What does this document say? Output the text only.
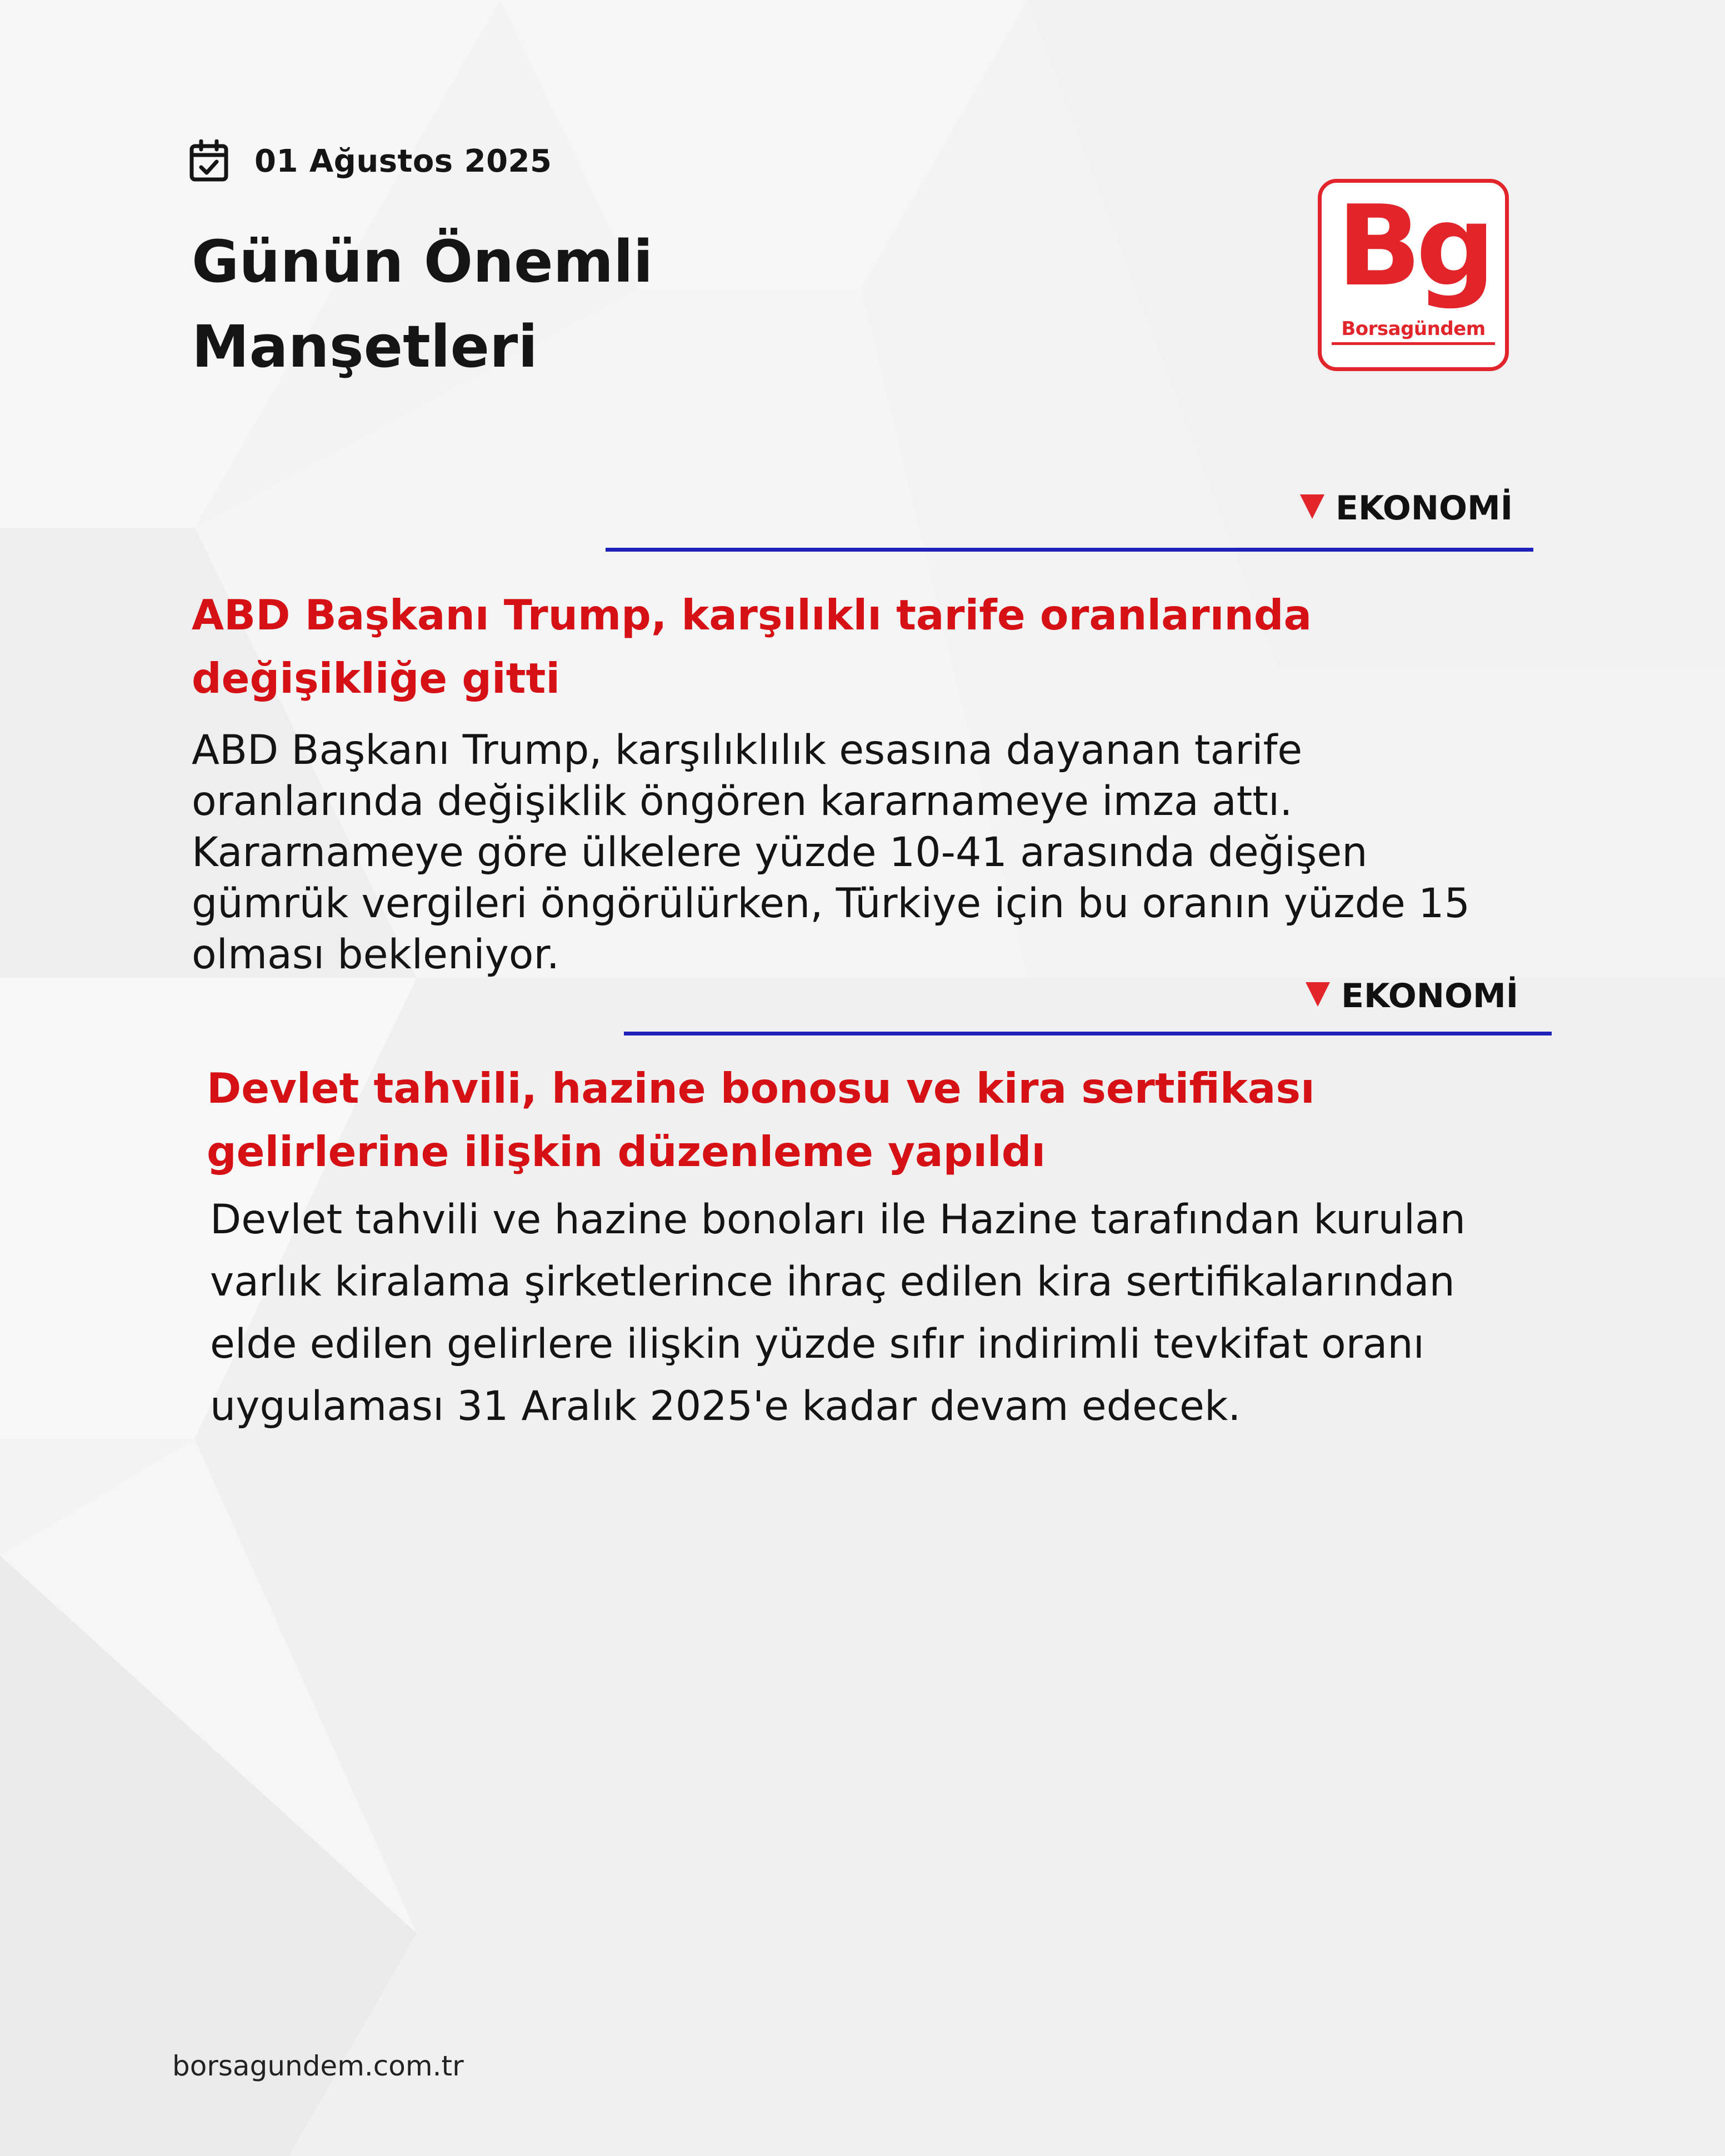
01 Ağustos 2025
Günün Önemli Manşetleri
Bg
Borsagündem
EKONOMİ
ABD Başkanı Trump, karşılıklı tarife oranlarında değişikliğe gitti

ABD Başkanı Trump, karşılıklılık esasına dayanan tarife oranlarında değişiklik öngören kararnameye imza attı. Kararnameye göre ülkelere yüzde 10-41 arasında değişen gümrük vergileri öngörülürken, Türkiye için bu oranın yüzde 15 olması bekleniyor.

EKONOMİ
Devlet tahvili, hazine bonosu ve kira sertifikası gelirlerine ilişkin düzenleme yapıldı

Devlet tahvili ve hazine bonoları ile Hazine tarafından kurulan varlık kiralama şirketlerince ihraç edilen kira sertifikalarından elde edilen gelirlere ilişkin yüzde sıfır indirimli tevkifat oranı uygulaması 31 Aralık 2025'e kadar devam edecek.

borsagundem.com.tr
